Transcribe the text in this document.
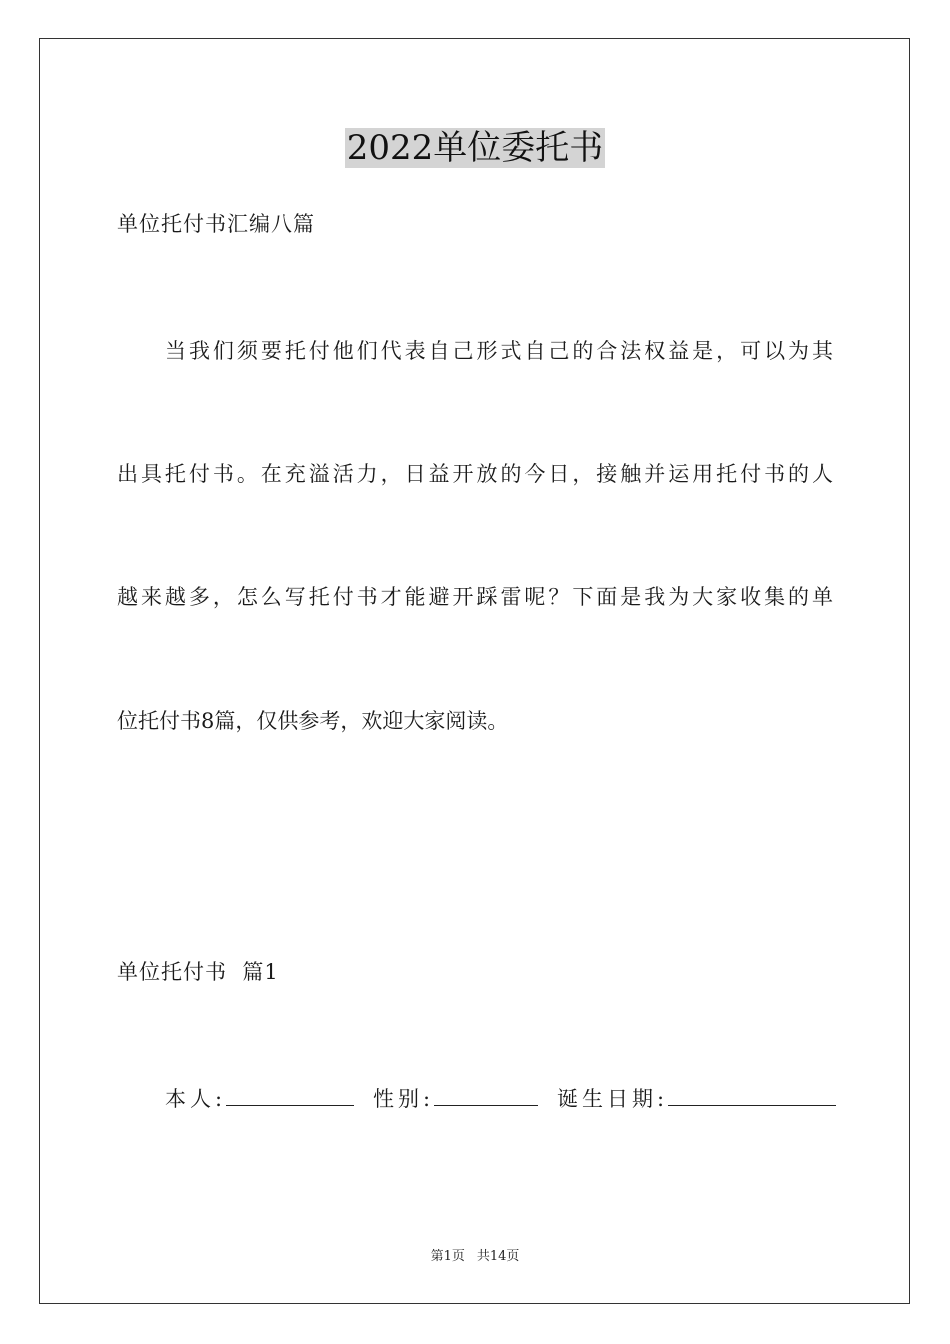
2022单位委托书
单位托付书汇编八篇
当我们须要托付他们代表自己形式自己的合法权益是，可以为其
出具托付书。在充溢活力，日益开放的今日，接触并运用托付书的人
越来越多，怎么写托付书才能避开踩雷呢？下面是我为大家收集的单
位托付书8篇，仅供参考，欢迎大家阅读。
单位托付书  篇1
本人:	性别:	诞生日期:
第1页 共14页
